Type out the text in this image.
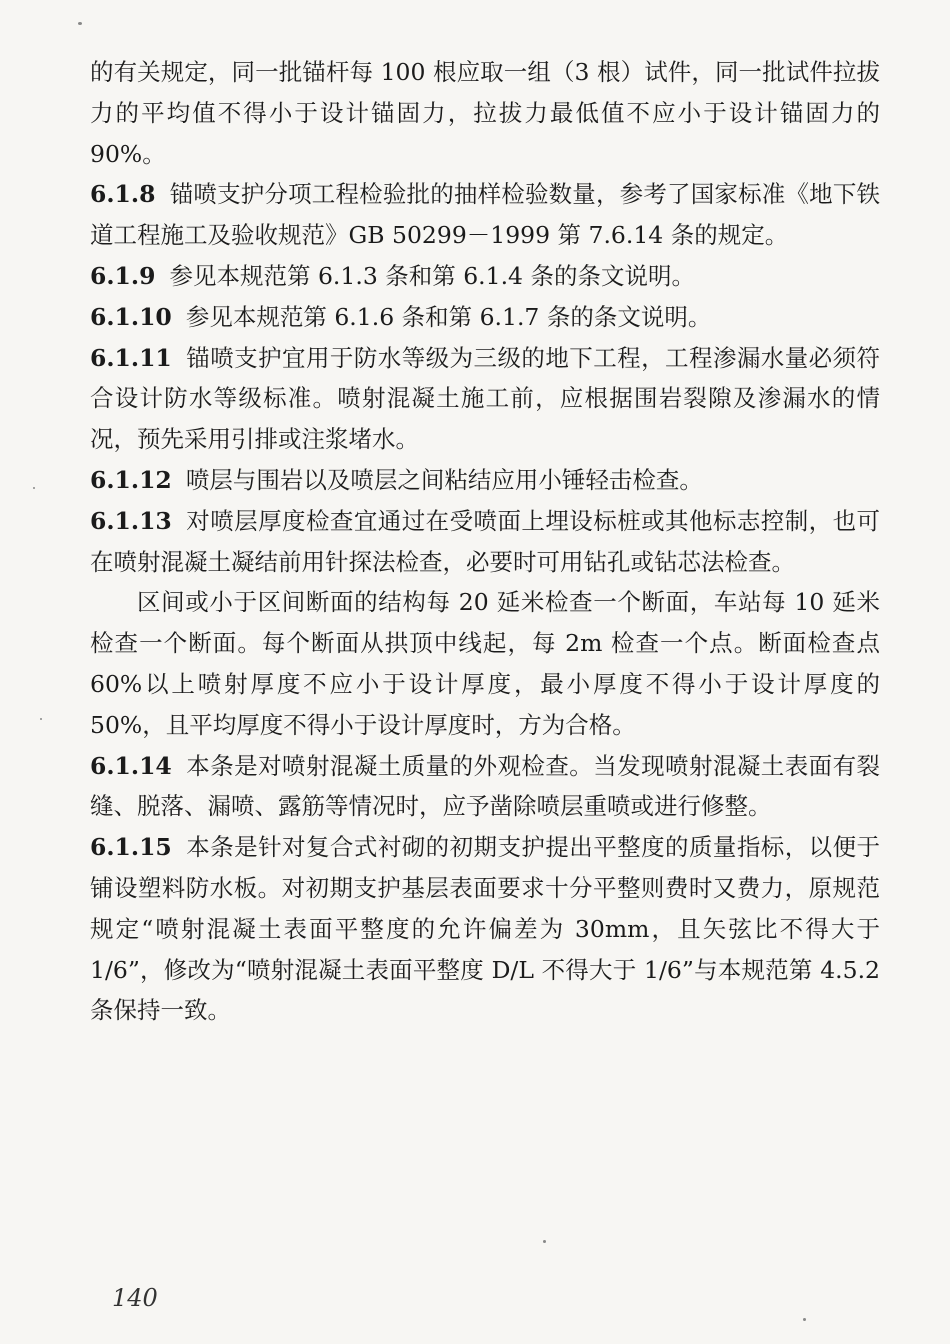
的有关规定，同一批锚杆每 100 根应取一组（3 根）试件，同一批试件拉拔力的平均值不得小于设计锚固力，拉拔力最低值不应小于设计锚固力的 90%。

6.1.8 锚喷支护分项工程检验批的抽样检验数量，参考了国家标准《地下铁道工程施工及验收规范》GB 50299－1999 第 7.6.14 条的规定。

6.1.9 参见本规范第 6.1.3 条和第 6.1.4 条的条文说明。

6.1.10 参见本规范第 6.1.6 条和第 6.1.7 条的条文说明。

6.1.11 锚喷支护宜用于防水等级为三级的地下工程，工程渗漏水量必须符合设计防水等级标准。喷射混凝土施工前，应根据围岩裂隙及渗漏水的情况，预先采用引排或注浆堵水。

6.1.12 喷层与围岩以及喷层之间粘结应用小锤轻击检查。

6.1.13 对喷层厚度检查宜通过在受喷面上埋设标桩或其他标志控制，也可在喷射混凝土凝结前用针探法检查，必要时可用钻孔或钻芯法检查。

区间或小于区间断面的结构每 20 延米检查一个断面，车站每 10 延米检查一个断面。每个断面从拱顶中线起，每 2m 检查一个点。断面检查点 60%以上喷射厚度不应小于设计厚度，最小厚度不得小于设计厚度的 50%，且平均厚度不得小于设计厚度时，方为合格。

6.1.14 本条是对喷射混凝土质量的外观检查。当发现喷射混凝土表面有裂缝、脱落、漏喷、露筋等情况时，应予凿除喷层重喷或进行修整。

6.1.15 本条是针对复合式衬砌的初期支护提出平整度的质量指标，以便于铺设塑料防水板。对初期支护基层表面要求十分平整则费时又费力，原规范规定“喷射混凝土表面平整度的允许偏差为 30mm，且矢弦比不得大于 1/6”，修改为“喷射混凝土表面平整度 D/L 不得大于 1/6”与本规范第 4.5.2 条保持一致。

140
